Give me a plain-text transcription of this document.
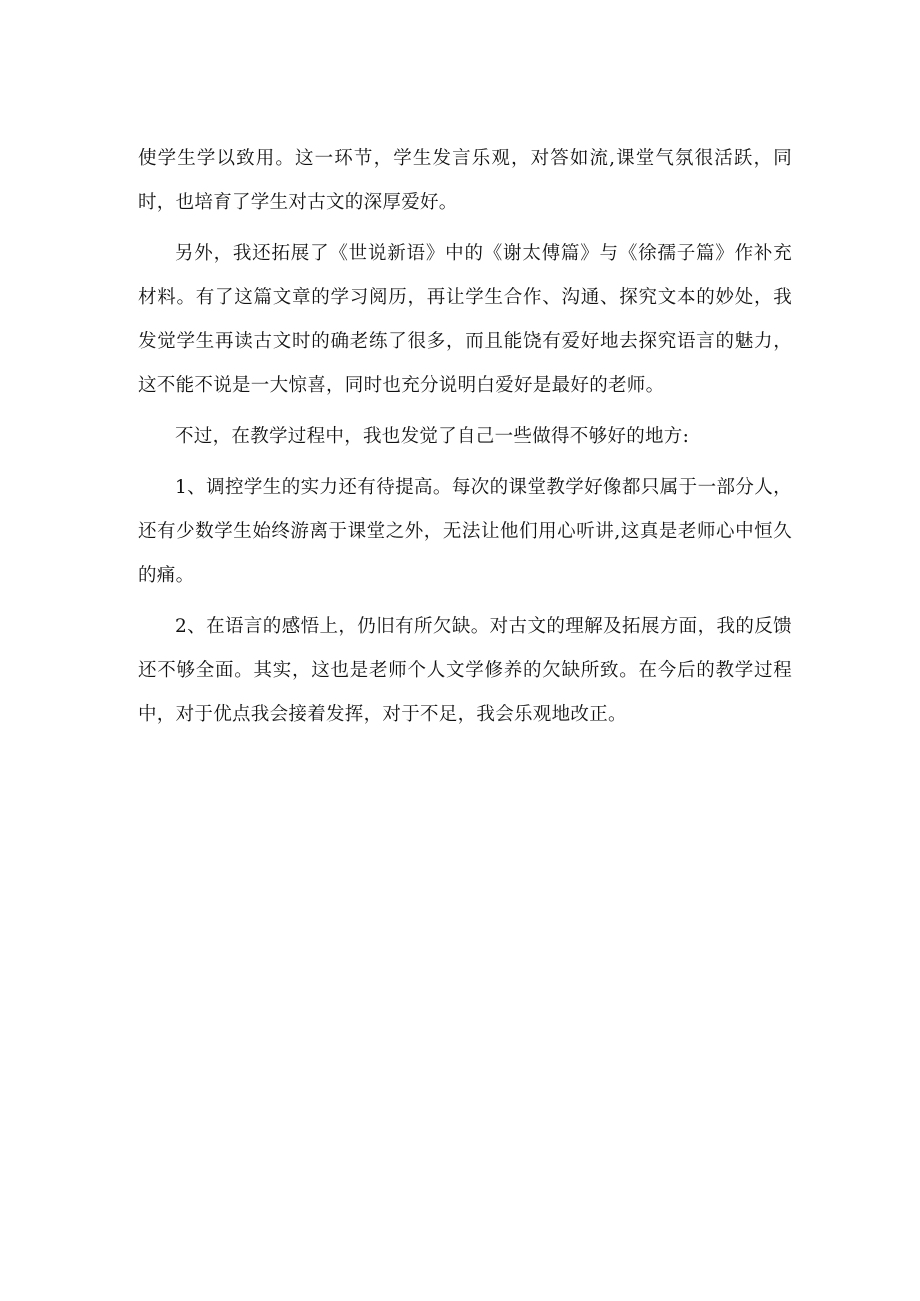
使学生学以致用。这一环节，学生发言乐观，对答如流,课堂气氛很活跃，同时，也培育了学生对古文的深厚爱好。

另外，我还拓展了《世说新语》中的《谢太傅篇》与《徐孺子篇》作补充材料。有了这篇文章的学习阅历，再让学生合作、沟通、探究文本的妙处，我发觉学生再读古文时的确老练了很多，而且能饶有爱好地去探究语言的魅力，这不能不说是一大惊喜，同时也充分说明白爱好是最好的老师。

不过，在教学过程中，我也发觉了自己一些做得不够好的地方:

1、调控学生的实力还有待提高。每次的课堂教学好像都只属于一部分人，还有少数学生始终游离于课堂之外，无法让他们用心听讲,这真是老师心中恒久的痛。

2、在语言的感悟上，仍旧有所欠缺。对古文的理解及拓展方面，我的反馈还不够全面。其实，这也是老师个人文学修养的欠缺所致。在今后的教学过程中，对于优点我会接着发挥，对于不足，我会乐观地改正。
